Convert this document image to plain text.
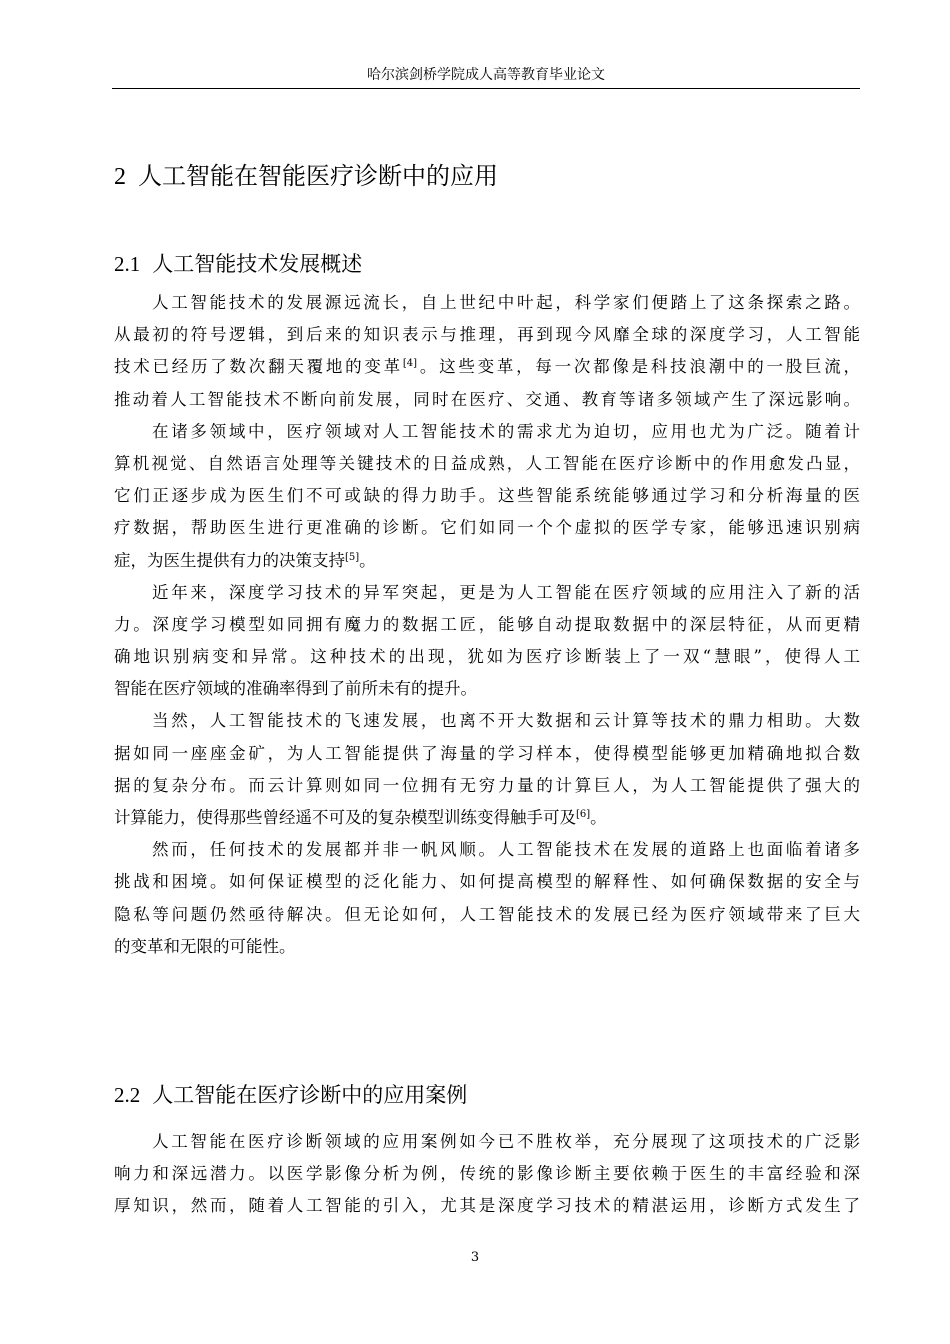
哈尔滨剑桥学院成人高等教育毕业论文
2 人工智能在智能医疗诊断中的应用
2.1 人工智能技术发展概述
人工智能技术的发展源远流长，自上世纪中叶起，科学家们便踏上了这条探索之路。
从最初的符号逻辑，到后来的知识表示与推理，再到现今风靡全球的深度学习，人工智能
技术已经历了数次翻天覆地的变革[4]。这些变革，每一次都像是科技浪潮中的一股巨流，
推动着人工智能技术不断向前发展，同时在医疗、交通、教育等诸多领域产生了深远影响。
在诸多领域中，医疗领域对人工智能技术的需求尤为迫切，应用也尤为广泛。随着计
算机视觉、自然语言处理等关键技术的日益成熟，人工智能在医疗诊断中的作用愈发凸显，
它们正逐步成为医生们不可或缺的得力助手。这些智能系统能够通过学习和分析海量的医
疗数据，帮助医生进行更准确的诊断。它们如同一个个虚拟的医学专家，能够迅速识别病
症，为医生提供有力的决策支持[5]。
近年来，深度学习技术的异军突起，更是为人工智能在医疗领域的应用注入了新的活
力。深度学习模型如同拥有魔力的数据工匠，能够自动提取数据中的深层特征，从而更精
确地识别病变和异常。这种技术的出现，犹如为医疗诊断装上了一双“慧眼”，使得人工
智能在医疗领域的准确率得到了前所未有的提升。
当然，人工智能技术的飞速发展，也离不开大数据和云计算等技术的鼎力相助。大数
据如同一座座金矿，为人工智能提供了海量的学习样本，使得模型能够更加精确地拟合数
据的复杂分布。而云计算则如同一位拥有无穷力量的计算巨人，为人工智能提供了强大的
计算能力，使得那些曾经遥不可及的复杂模型训练变得触手可及[6]。
然而，任何技术的发展都并非一帆风顺。人工智能技术在发展的道路上也面临着诸多
挑战和困境。如何保证模型的泛化能力、如何提高模型的解释性、如何确保数据的安全与
隐私等问题仍然亟待解决。但无论如何，人工智能技术的发展已经为医疗领域带来了巨大
的变革和无限的可能性。
2.2 人工智能在医疗诊断中的应用案例
人工智能在医疗诊断领域的应用案例如今已不胜枚举，充分展现了这项技术的广泛影
响力和深远潜力。以医学影像分析为例，传统的影像诊断主要依赖于医生的丰富经验和深
厚知识，然而，随着人工智能的引入，尤其是深度学习技术的精湛运用，诊断方式发生了
3
